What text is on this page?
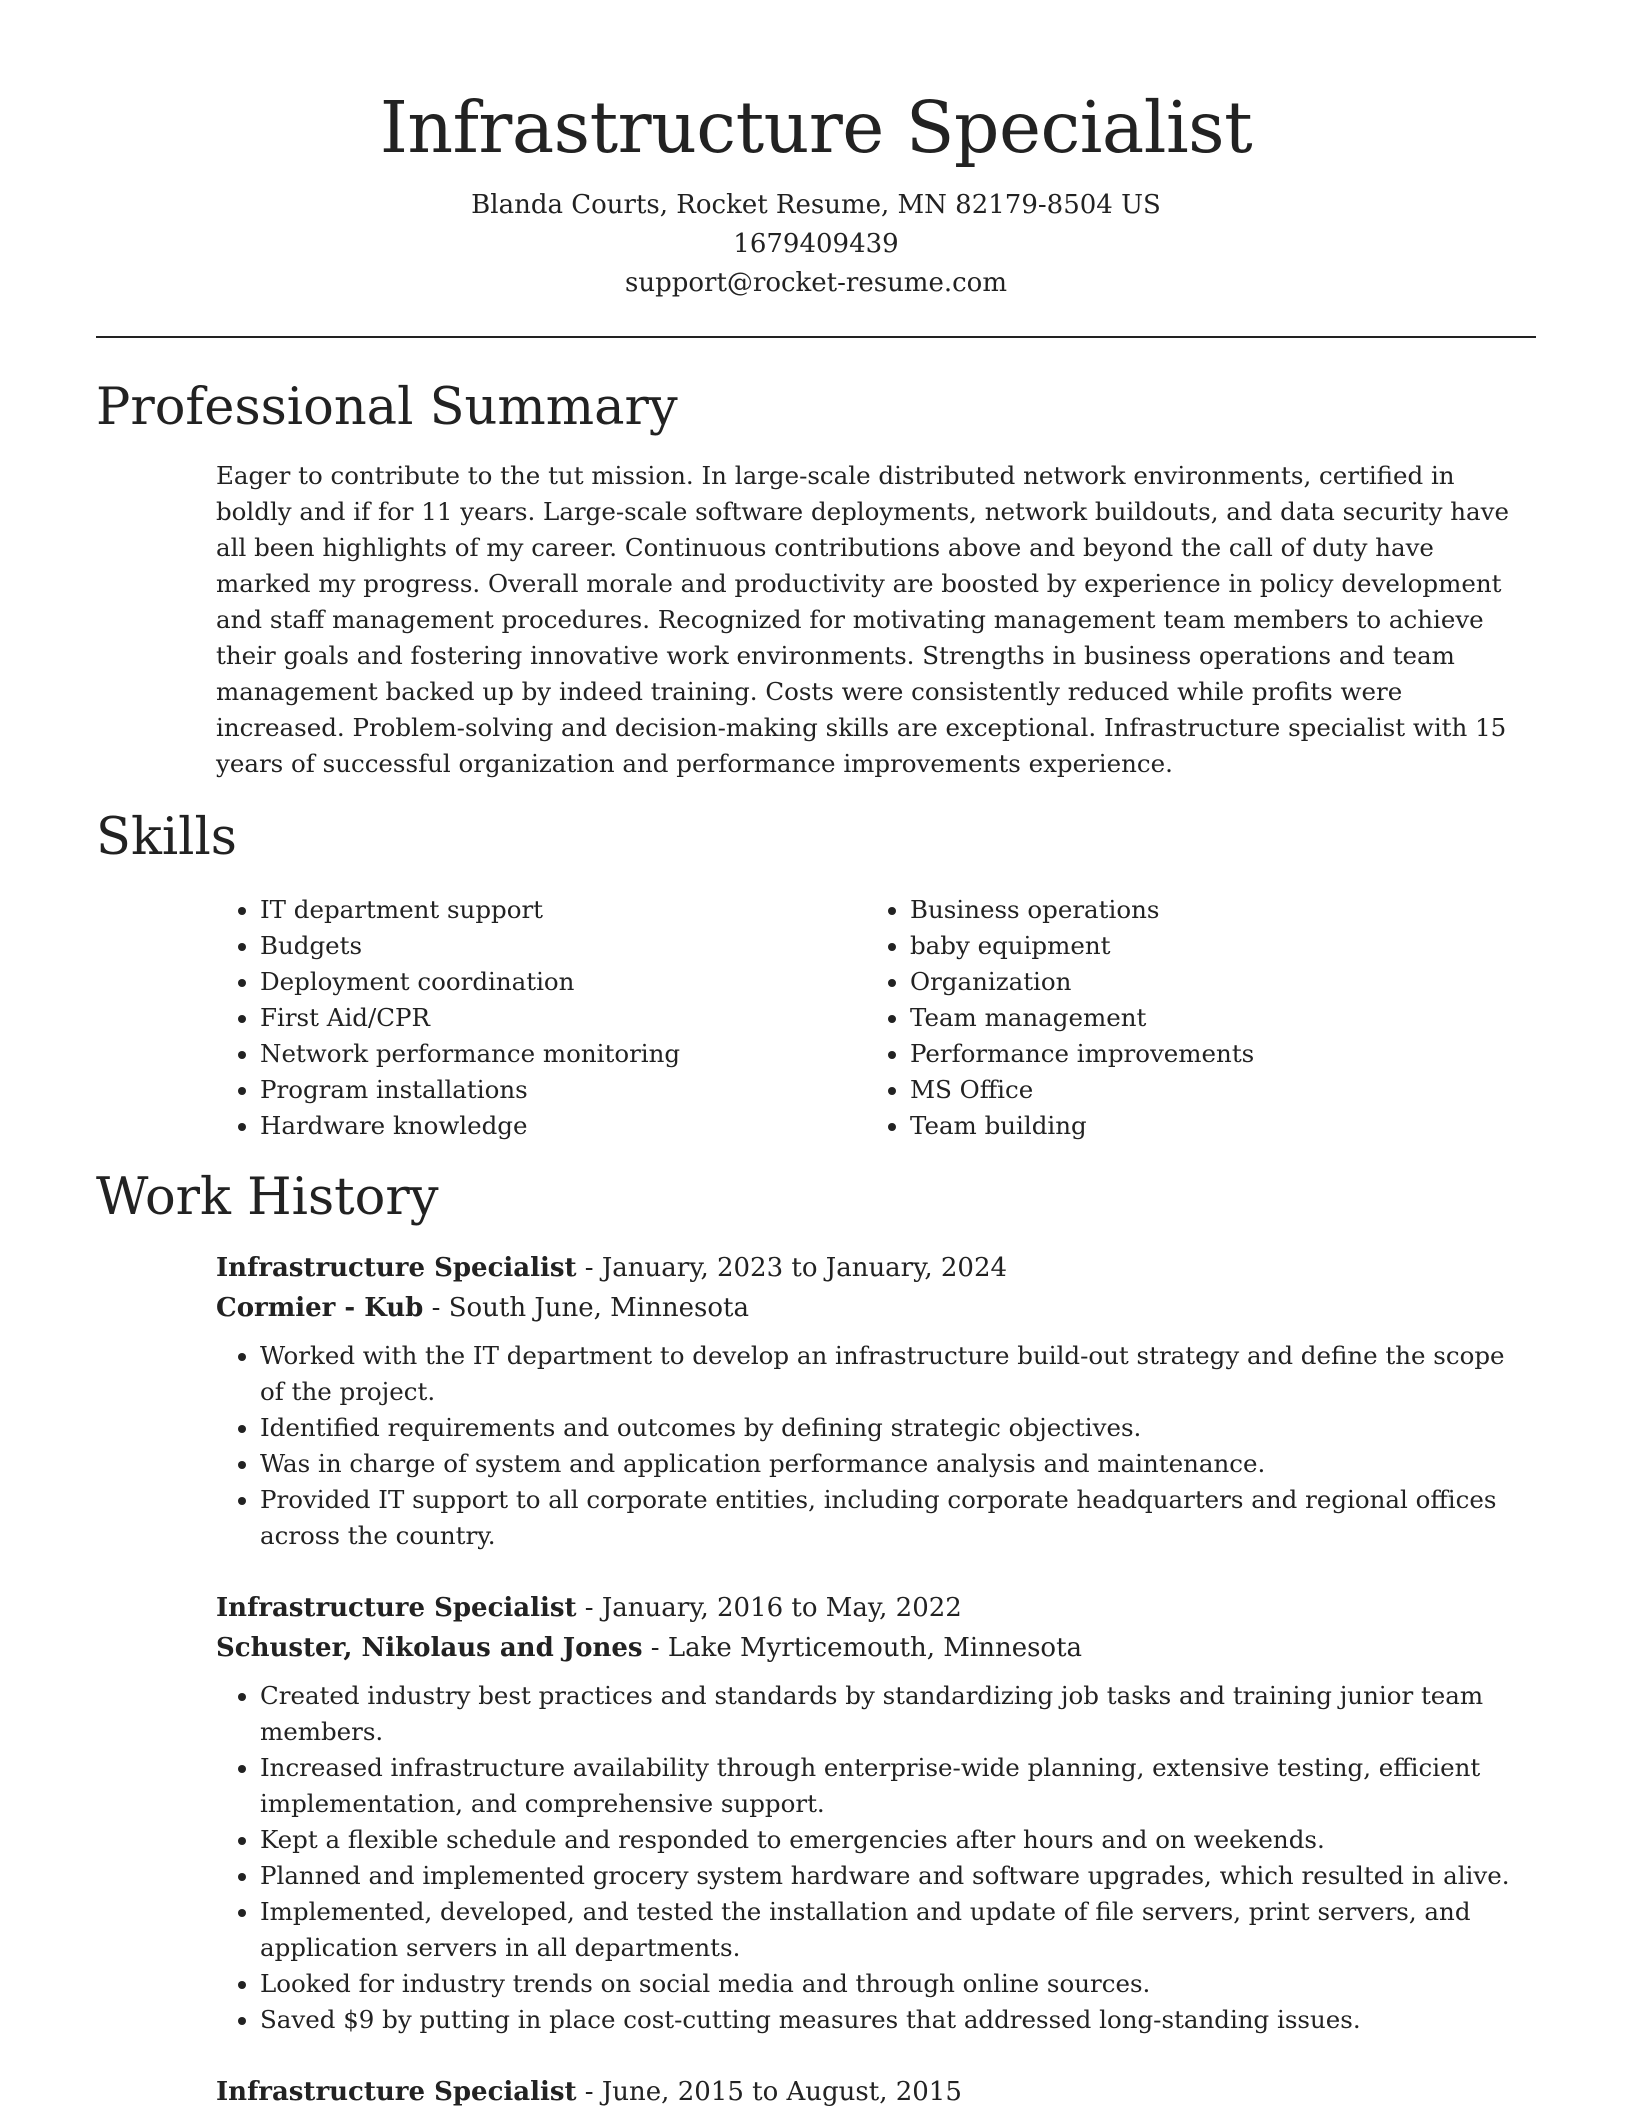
Infrastructure Specialist

Blanda Courts, Rocket Resume, MN 82179-8504 US

1679409439

support@rocket-resume.com

Professional Summary

Eager to contribute to the tut mission. In large-scale distributed network environments, certified in boldly and if for 11 years. Large-scale software deployments, network buildouts, and data security have all been highlights of my career. Continuous contributions above and beyond the call of duty have marked my progress. Overall morale and productivity are boosted by experience in policy development and staff management procedures. Recognized for motivating management team members to achieve their goals and fostering innovative work environments. Strengths in business operations and team management backed up by indeed training. Costs were consistently reduced while profits were increased. Problem-solving and decision-making skills are exceptional. Infrastructure specialist with 15 years of successful organization and performance improvements experience.

Skills
• IT department support
• Budgets
• Deployment coordination
• First Aid/CPR
• Network performance monitoring
• Program installations
• Hardware knowledge
• Business operations
• baby equipment
• Organization
• Team management
• Performance improvements
• MS Office
• Team building
Work History

Infrastructure Specialist - January, 2023 to January, 2024

Cormier - Kub - South June, Minnesota

• Worked with the IT department to develop an infrastructure build-out strategy and define the scope of the project.
• Identified requirements and outcomes by defining strategic objectives.
• Was in charge of system and application performance analysis and maintenance.
• Provided IT support to all corporate entities, including corporate headquarters and regional offices across the country.

Infrastructure Specialist - January, 2016 to May, 2022

Schuster, Nikolaus and Jones - Lake Myrticemouth, Minnesota

• Created industry best practices and standards by standardizing job tasks and training junior team members.
• Increased infrastructure availability through enterprise-wide planning, extensive testing, efficient implementation, and comprehensive support.
• Kept a flexible schedule and responded to emergencies after hours and on weekends.
• Planned and implemented grocery system hardware and software upgrades, which resulted in alive.
• Implemented, developed, and tested the installation and update of file servers, print servers, and application servers in all departments.
• Looked for industry trends on social media and through online sources.
• Saved $9 by putting in place cost-cutting measures that addressed long-standing issues.

Infrastructure Specialist - June, 2015 to August, 2015
